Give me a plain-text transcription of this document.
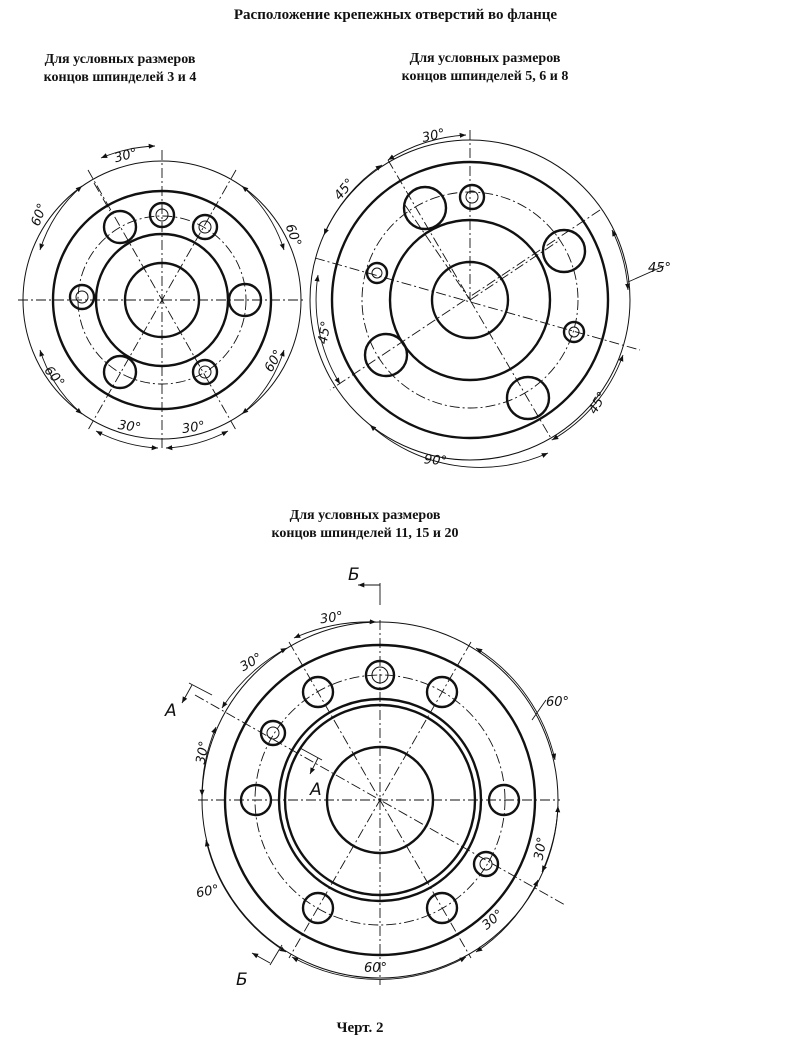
Расположение крепежных отверстий во фланце
Для условных размеров
концов шпинделей 3 и 4
Для условных размеров
концов шпинделей 5, 6 и 8
Для условных размеров
концов шпинделей 11, 15 и 20
30°
60°
60°
60°
60°
30°	30°
30°
45°
45°
45°
45°
90°
30°
30°
30°
60°
30°
30°
60°
60°
Б
Б
А
А
Черт. 2
